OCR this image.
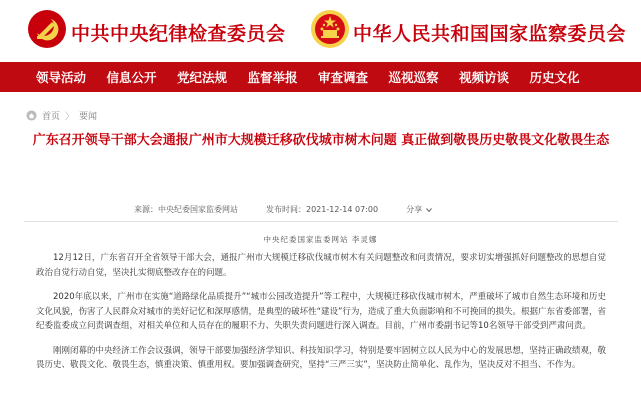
中共中央纪律检查委员会	中华人民共和国国家监察委员会
领导活动	信息公开	党纪法规	监督举报	审查调查	巡视巡察	视频访谈	历史文化
首页 〉 要闻
广东召开领导干部大会通报广州市大规模迁移砍伐城市树木问题 真正做到敬畏历史敬畏文化敬畏生态
来源：中央纪委国家监委网站	发布时间：2021-12-14 07:00	分享
中央纪委国家监委网站 李灵娜

12月12日，广东省召开全省领导干部大会，通报广州市大规模迁移砍伐城市树木有关问题整改和问责情况，要求切实增强抓好问题整改的思想自觉政治自觉行动自觉，坚决扎实彻底整改存在的问题。

2020年底以来，广州市在实施“道路绿化品质提升”“城市公园改造提升”等工程中，大规模迁移砍伐城市树木，严重破坏了城市自然生态环境和历史文化风貌，伤害了人民群众对城市的美好记忆和深厚感情，是典型的破坏性“建设”行为，造成了重大负面影响和不可挽回的损失。根据广东省委部署，省纪委监委成立问责调查组，对相关单位和人员存在的履职不力、失职失责问题进行深入调查。目前，广州市委副书记等10名领导干部受到严肃问责。

刚刚闭幕的中央经济工作会议强调，领导干部要加强经济学知识、科技知识学习，特别是要牢固树立以人民为中心的发展思想，坚持正确政绩观，敬畏历史、敬畏文化、敬畏生态，慎重决策、慎重用权。要加强调查研究，坚持“三严三实”，坚决防止简单化、乱作为，坚决反对不担当、不作为。
